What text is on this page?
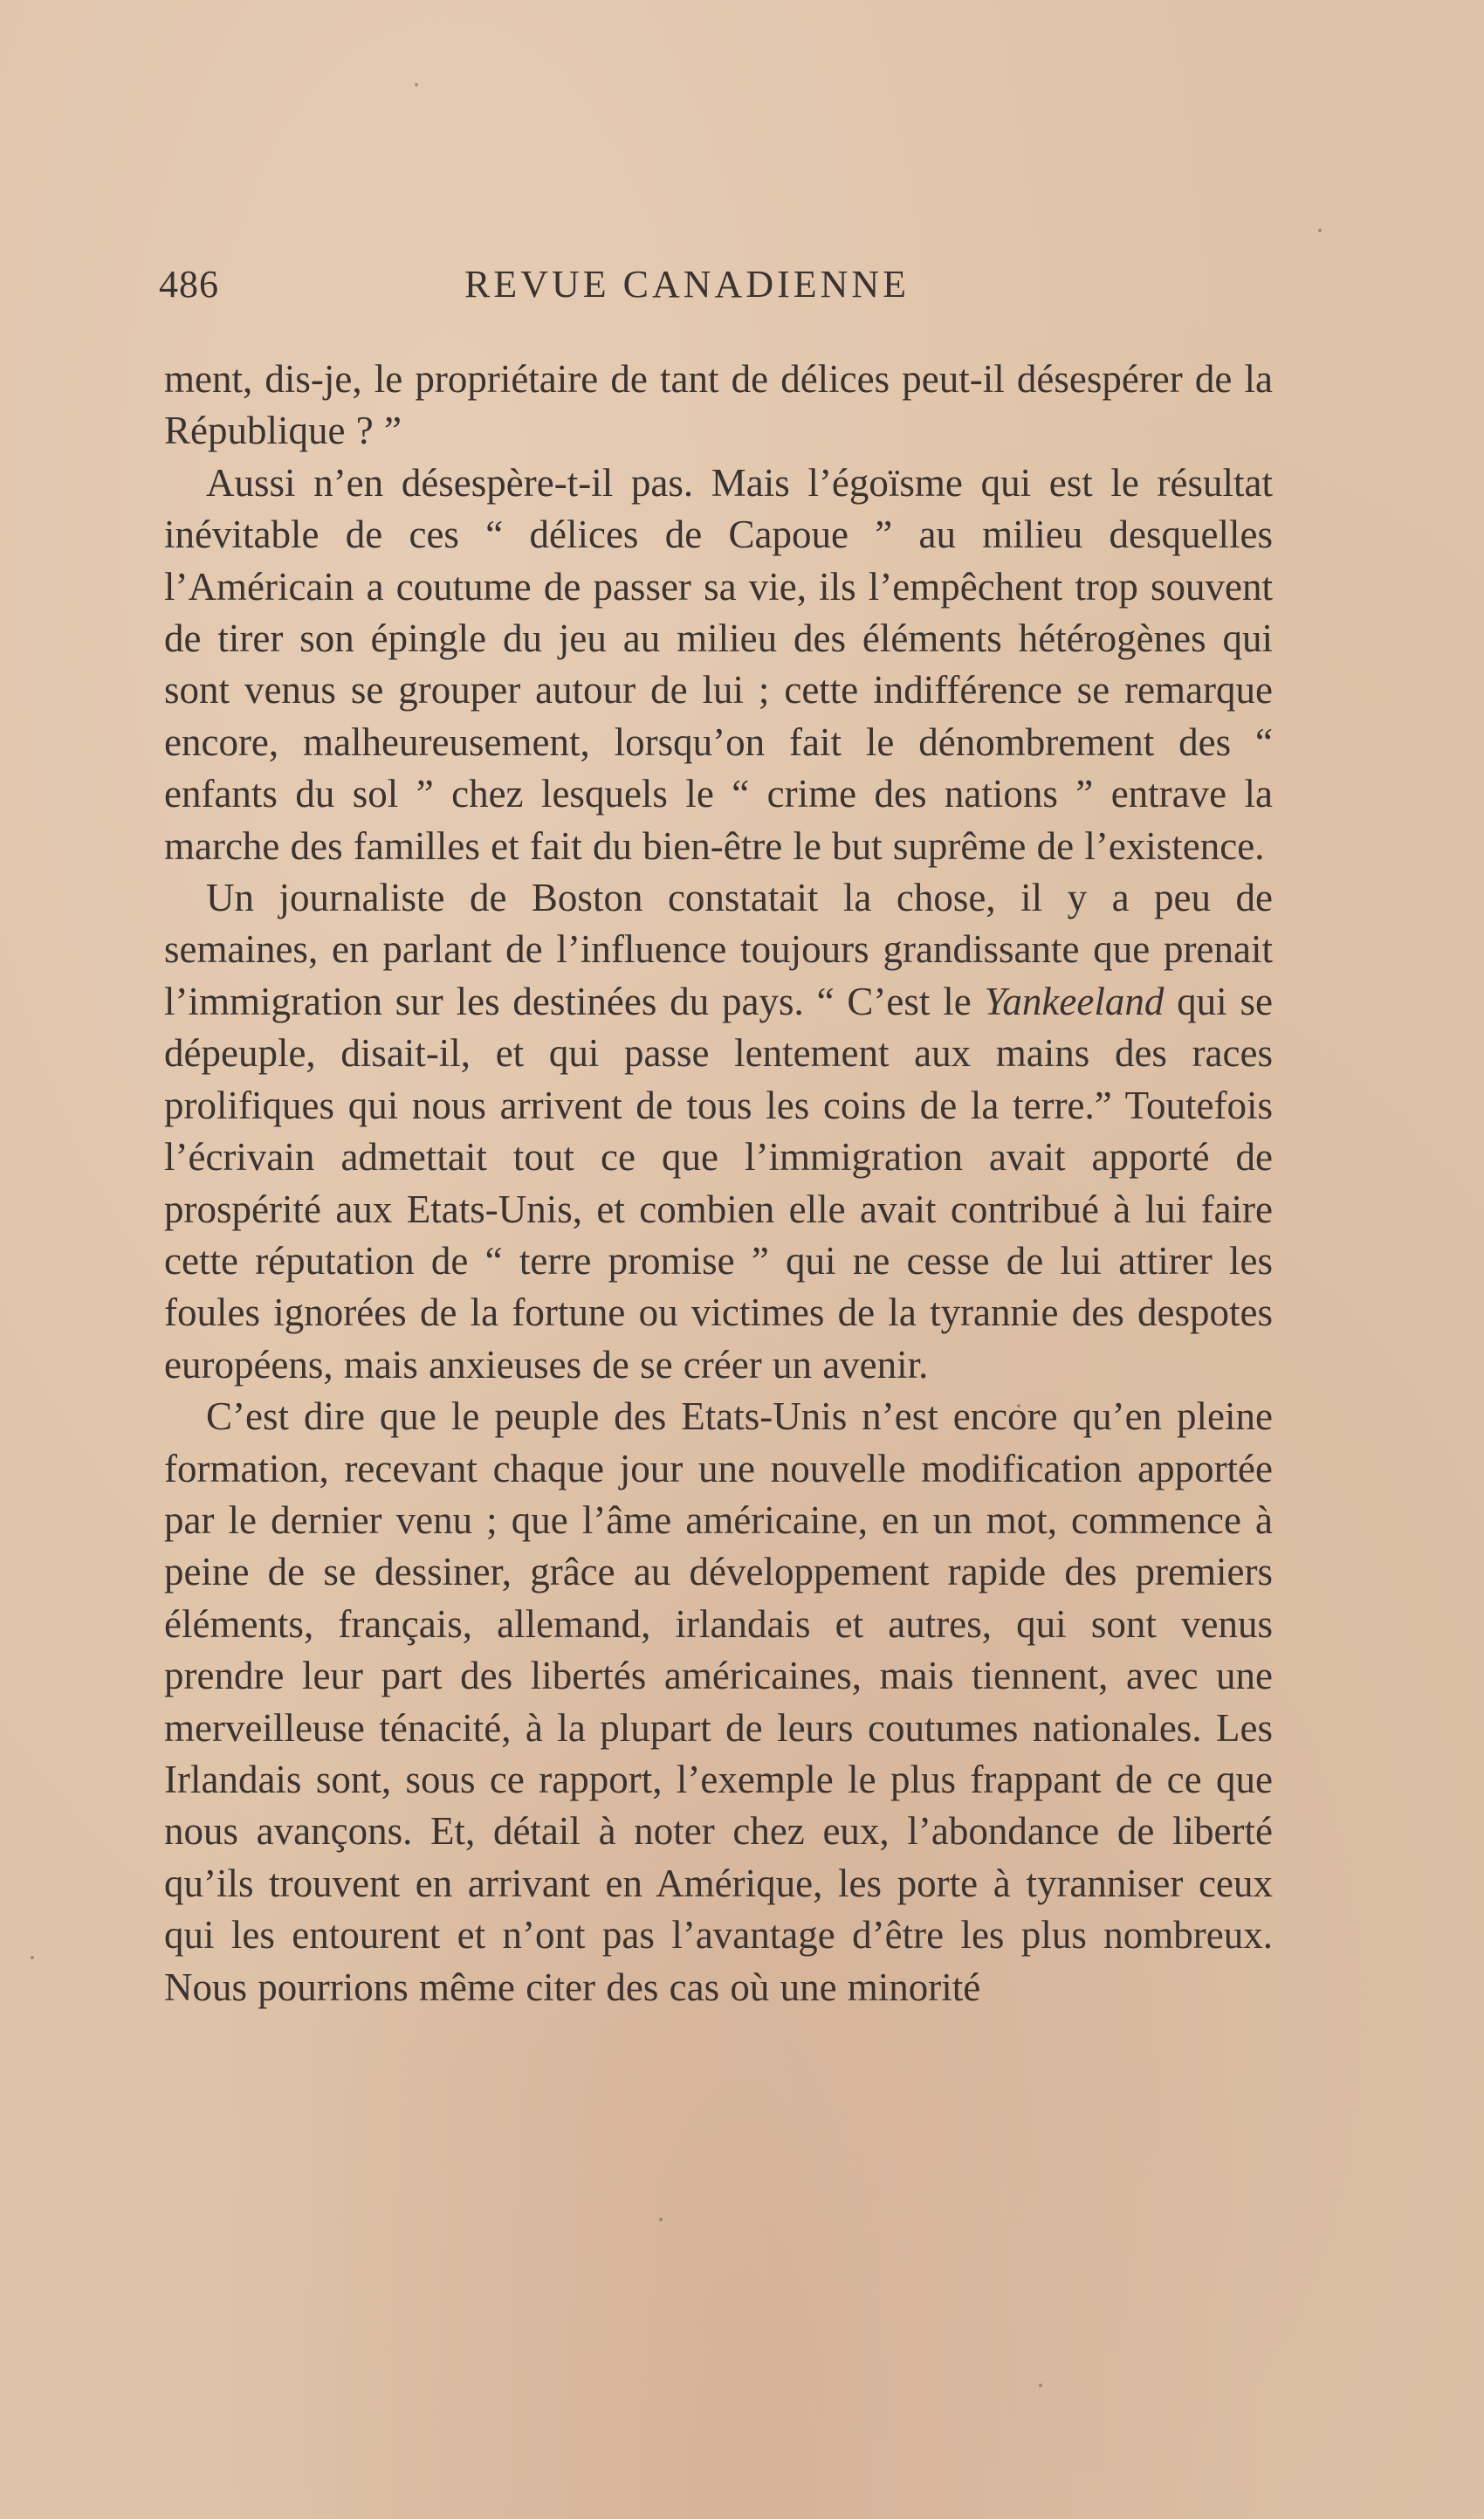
486	REVUE CANADIENNE

ment, dis-je, le propriétaire de tant de délices peut-il désespérer de la République ? ”

Aussi n’en désespère-t-il pas. Mais l’égoïsme qui est le résultat inévitable de ces “ délices de Capoue ” au milieu desquelles l’Américain a coutume de passer sa vie, ils l’empêchent trop souvent de tirer son épingle du jeu au milieu des éléments hétérogènes qui sont venus se grouper autour de lui ; cette indifférence se remarque encore, malheureusement, lorsqu’on fait le dénombrement des “ enfants du sol ” chez lesquels le “ crime des nations ” entrave la marche des familles et fait du bien-être le but suprême de l’existence.

Un journaliste de Boston constatait la chose, il y a peu de semaines, en parlant de l’influence toujours grandissante que prenait l’immigration sur les destinées du pays. “ C’est le Yankeeland qui se dépeuple, disait-il, et qui passe lentement aux mains des races prolifiques qui nous arrivent de tous les coins de la terre.” Toutefois l’écrivain admettait tout ce que l’immigration avait apporté de prospérité aux Etats-Unis, et combien elle avait contribué à lui faire cette réputation de “ terre promise ” qui ne cesse de lui attirer les foules ignorées de la fortune ou victimes de la tyrannie des despotes européens, mais anxieuses de se créer un avenir.

C’est dire que le peuple des Etats-Unis n’est encore qu’en pleine formation, recevant chaque jour une nouvelle modification apportée par le dernier venu ; que l’âme américaine, en un mot, commence à peine de se dessiner, grâce au développement rapide des premiers éléments, français, allemand, irlandais et autres, qui sont venus prendre leur part des libertés américaines, mais tiennent, avec une merveilleuse ténacité, à la plupart de leurs coutumes nationales. Les Irlandais sont, sous ce rapport, l’exemple le plus frappant de ce que nous avançons. Et, détail à noter chez eux, l’abondance de liberté qu’ils trouvent en arrivant en Amérique, les porte à tyranniser ceux qui les entourent et n’ont pas l’avantage d’être les plus nombreux. Nous pourrions même citer des cas où une minorité
